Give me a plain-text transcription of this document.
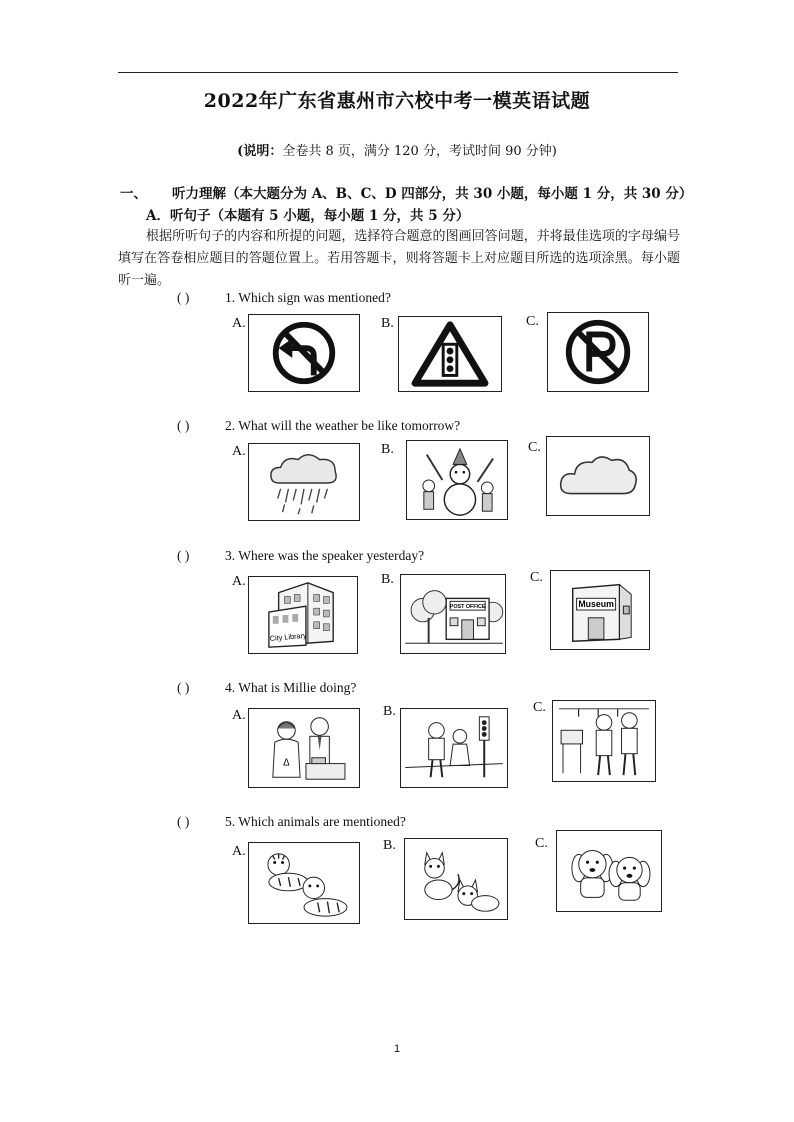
2022年广东省惠州市六校中考一模英语试题
(说明：全卷共 8 页，满分 120 分，考试时间 90 分钟)
一、 听力理解（本大题分为 A、B、C、D 四部分，共 30 小题，每小题 1 分，共 30 分）
A．听句子（本题有 5 小题，每小题 1 分，共 5 分）
根据所听句子的内容和所提的问题，选择符合题意的图画回答问题，并将最佳选项的字母编号填写在答卷相应题目的答题位置上。若用答题卡，则将答题卡上对应题目所选的选项涂黑。每小题听一遍。
( )	1. Which sign was mentioned?
A.	B.	C.
( )	2. What will the weather be like tomorrow?
A.	B.	C.
( )	3. Where was the speaker yesterday?
A.
City Library
B.
POST OFFICE
C.
Museum
( )	4. What is Millie doing?
A.
Δ
B.	C.
( )	5. Which animals are mentioned?
A.	B.	C.
1
